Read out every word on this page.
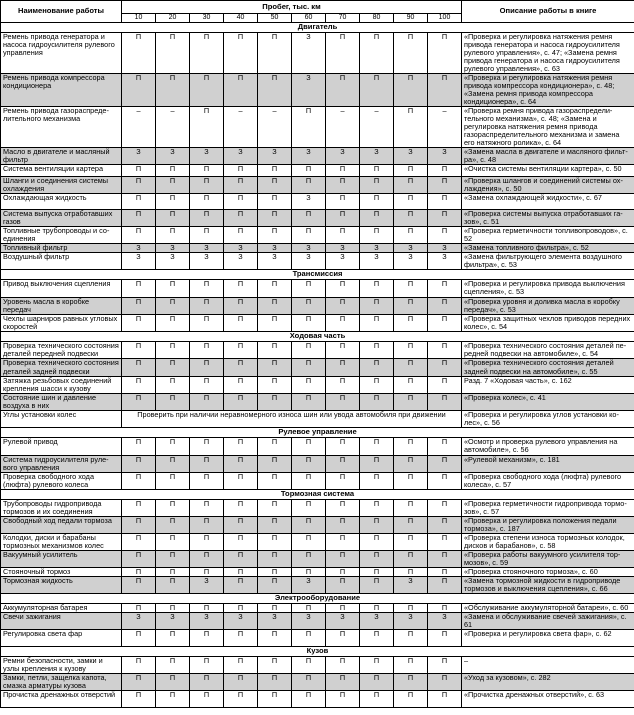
Наименование работы	Пробег, тыс. км										Описание работы в книге
	10	20	30	40	50	60	70	80	90	100	
Двигатель											
Ремень привода генератора и насоса гидроусилителя рулевого управления	П	П	П	П	П	З	П	П	П	П	«Проверка и регулировка натяжения ремня привода генератора и насоса гидроусилителя рулевого управления», с. 47; «Замена ремня привода генератора и насоса гидроусилителя рулевого управления», с. 63
Ремень привода компрессора кондиционера	П	П	П	П	П	З	П	П	П	П	«Проверка и регулировка натяжения ремня привода компрессора кондиционера», с. 48; «Замена ремня привода компрессора кондиционера», с. 64
Ремень привода газораспределительного механизма	–	–	П	–	–	П	–	–	П	–	«Проверка ремня привода газораспределительного механизма», с. 48; «Замена и регулировка натяжения ремня привода газораспределительного механизма и замена его натяжного ролика», с. 64
Масло в двигателе и масляный фильтр	З	З	З	З	З	З	З	З	З	З	«Замена масла в двигателе и масляного фильтра», с. 48
Система вентиляции картера	П	П	П	П	П	П	П	П	П	П	«Очистка системы вентиляции картера», с. 50
Шланги и соединения системы охлаждения	П	П	П	П	П	П	П	П	П	П	«Проверка шлангов и соединений системы охлаждения», с. 50
Охлаждающая жидкость	П	П	П	П	П	З	П	П	П	П	«Замена охлаждающей жидкости», с. 67
Система выпуска отработавших газов	П	П	П	П	П	П	П	П	П	П	«Проверка системы выпуска отработавших газов», с. 51
Топливные трубопроводы и соединения	П	П	П	П	П	П	П	П	П	П	«Проверка герметичности топливопроводов», с. 52
Топливный фильтр	З	З	З	З	З	З	З	З	З	З	«Замена топливного фильтра», с. 52
Воздушный фильтр	З	З	З	З	З	З	З	З	З	З	«Замена фильтрующего элемента воздушного фильтра», с. 53
Трансмиссия											
Привод выключения сцепления	П	П	П	П	П	П	П	П	П	П	«Проверка и регулировка привода выключения сцепления», с. 53
Уровень масла в коробке передач	П	П	П	П	П	П	П	П	П	П	«Проверка уровня и доливка масла в коробку передач», с. 53
Чехлы шарниров равных угловых скоростей	П	П	П	П	П	П	П	П	П	П	«Проверка защитных чехлов приводов передних колес», с. 54
Ходовая часть											
Проверка технического состояния деталей передней подвески	П	П	П	П	П	П	П	П	П	П	«Проверка технического состояния деталей передней подвески на автомобиле», с. 54
Проверка технического состояния деталей задней подвески	П	П	П	П	П	П	П	П	П	П	«Проверка технического состояния деталей задней подвески на автомобиле», с. 55
Затяжка резьбовых соединений крепления шасси к кузову	П	П	П	П	П	П	П	П	П	П	Разд. 7 «Ходовая часть», с. 162
Состояние шин и давление воздуха в них	П	П	П	П	П	П	П	П	П	П	«Проверка колес», с. 41
Углы установки колес	Проверить при наличии неравномерного износа шин или увода автомобиля при движении										«Проверка и регулировка углов установки колес», с. 56
Рулевое управление											
Рулевой привод	П	П	П	П	П	П	П	П	П	П	«Осмотр и проверка рулевого управления на автомобиле», с. 56
Система гидроусилителя рулевого управления	П	П	П	П	П	П	П	П	П	П	«Рулевой механизм», с. 181
Проверка свободного хода (люфта) рулевого колеса	П	П	П	П	П	П	П	П	П	П	«Проверка свободного хода (люфта) рулевого колеса», с. 57
Тормозная система											
Трубопроводы гидропривода тормозов и их соединения	П	П	П	П	П	П	П	П	П	П	«Проверка герметичности гидропривода тормозов», с. 57
Свободный ход педали тормоза	П	П	П	П	П	П	П	П	П	П	«Проверка и регулировка положения педали тормоза», с. 187
Колодки, диски и барабаны тормозных механизмов колес	П	П	П	П	П	П	П	П	П	П	«Проверка степени износа тормозных колодок, дисков и барабанов», с. 58
Вакуумный усилитель	П	П	П	П	П	П	П	П	П	П	«Проверка работы вакуумного усилителя тормозов», с. 59
Стояночный тормоз	П	П	П	П	П	П	П	П	П	П	«Проверка стояночного тормоза», с. 60
Тормозная жидкость	П	П	З	П	П	З	П	П	З	П	«Замена тормозной жидкости в гидроприводе тормозов и выключения сцепления», с. 66
Электрооборудование											
Аккумуляторная батарея	П	П	П	П	П	П	П	П	П	П	«Обслуживание аккумуляторной батареи», с. 60
Свечи зажигания	З	З	З	З	З	З	З	З	З	З	«Замена и обслуживание свечей зажигания», с. 61
Регулировка света фар	П	П	П	П	П	П	П	П	П	П	«Проверка и регулировка света фар», с. 62
Кузов											
Ремни безопасности, замки и узлы крепления к кузову	П	П	П	П	П	П	П	П	П	П	–
Замки, петли, защелка капота, смазка арматуры кузова	П	П	П	П	П	П	П	П	П	П	«Уход за кузовом», с. 282
Прочистка дренажных отверстий	П	П	П	П	П	П	П	П	П	П	«Прочистка дренажных отверстий», с. 63
